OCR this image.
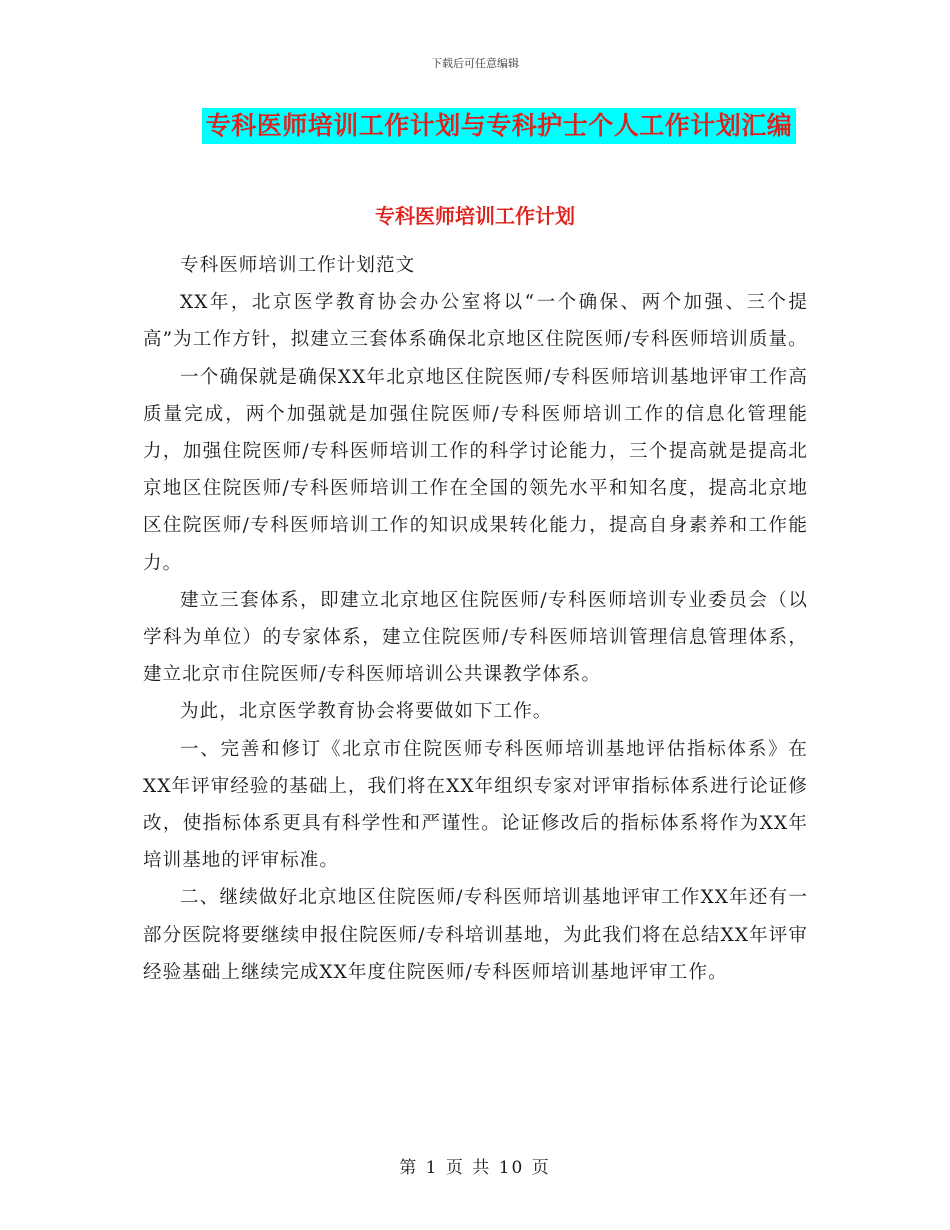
下载后可任意编辑
专科医师培训工作计划与专科护士个人工作计划汇编
专科医师培训工作计划

专科医师培训工作计划范文

XX年，北京医学教育协会办公室将以“一个确保、两个加强、三个提高”为工作方针，拟建立三套体系确保北京地区住院医师/专科医师培训质量。

一个确保就是确保XX年北京地区住院医师/专科医师培训基地评审工作高质量完成，两个加强就是加强住院医师/专科医师培训工作的信息化管理能力，加强住院医师/专科医师培训工作的科学讨论能力，三个提高就是提高北京地区住院医师/专科医师培训工作在全国的领先水平和知名度，提高北京地区住院医师/专科医师培训工作的知识成果转化能力，提高自身素养和工作能力。

建立三套体系，即建立北京地区住院医师/专科医师培训专业委员会（以学科为单位）的专家体系，建立住院医师/专科医师培训管理信息管理体系，建立北京市住院医师/专科医师培训公共课教学体系。

为此，北京医学教育协会将要做如下工作。

一、完善和修订《北京市住院医师专科医师培训基地评估指标体系》在XX年评审经验的基础上，我们将在XX年组织专家对评审指标体系进行论证修改，使指标体系更具有科学性和严谨性。论证修改后的指标体系将作为XX年培训基地的评审标准。

二、继续做好北京地区住院医师/专科医师培训基地评审工作XX年还有一部分医院将要继续申报住院医师/专科培训基地，为此我们将在总结XX年评审经验基础上继续完成XX年度住院医师/专科医师培训基地评审工作。

第 1 页 共 10 页
